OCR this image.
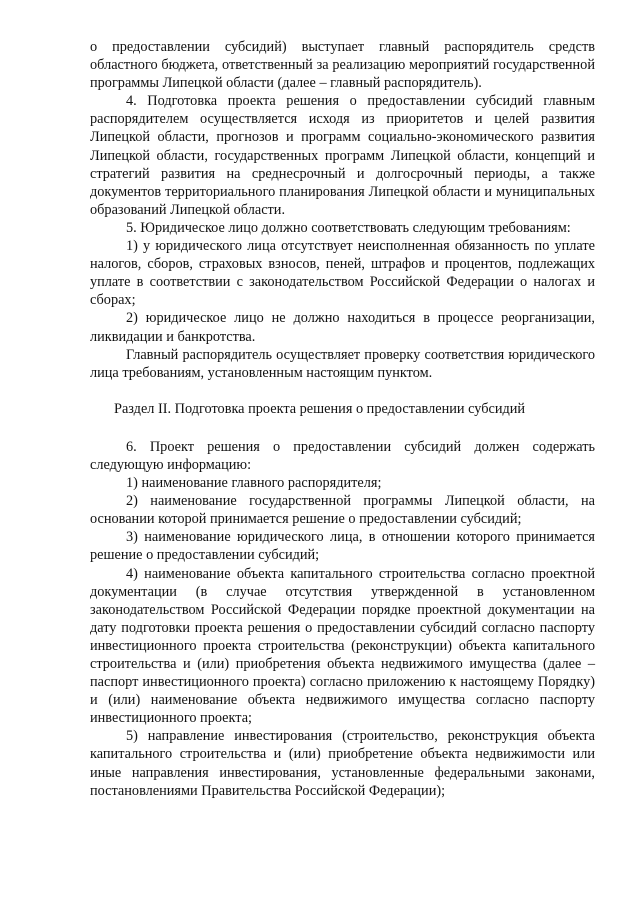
о предоставлении субсидий) выступает главный распорядитель средств областного бюджета, ответственный за реализацию мероприятий государственной программы Липецкой области (далее – главный распорядитель).

4. Подготовка проекта решения о предоставлении субсидий главным распорядителем осуществляется исходя из приоритетов и целей развития Липецкой области, прогнозов и программ социально-экономического развития Липецкой области, государственных программ Липецкой области, концепций и стратегий развития на среднесрочный и долгосрочный периоды, а также документов территориального планирования Липецкой области и муниципальных образований Липецкой области.

5. Юридическое лицо должно соответствовать следующим требованиям:

1) у юридического лица отсутствует неисполненная обязанность по уплате налогов, сборов, страховых взносов, пеней, штрафов и процентов, подлежащих уплате в соответствии с законодательством Российской Федерации о налогах и сборах;

2) юридическое лицо не должно находиться в процессе реорганизации, ликвидации и банкротства.

Главный распорядитель осуществляет проверку соответствия юридического лица требованиям, установленным настоящим пунктом.

Раздел II. Подготовка проекта решения о предоставлении субсидий

6. Проект решения о предоставлении субсидий должен содержать следующую информацию:

1) наименование главного распорядителя;

2) наименование государственной программы Липецкой области, на основании которой принимается решение о предоставлении субсидий;

3) наименование юридического лица, в отношении которого принимается решение о предоставлении субсидий;

4) наименование объекта капитального строительства согласно проектной документации (в случае отсутствия утвержденной в установленном законодательством Российской Федерации порядке проектной документации на дату подготовки проекта решения о предоставлении субсидий согласно паспорту инвестиционного проекта строительства (реконструкции) объекта капитального строительства и (или) приобретения объекта недвижимого имущества (далее – паспорт инвестиционного проекта) согласно приложению к настоящему Порядку) и (или) наименование объекта недвижимого имущества согласно паспорту инвестиционного проекта;

5) направление инвестирования (строительство, реконструкция объекта капитального строительства и (или) приобретение объекта недвижимости или иные направления инвестирования, установленные федеральными законами, постановлениями Правительства Российской Федерации);
